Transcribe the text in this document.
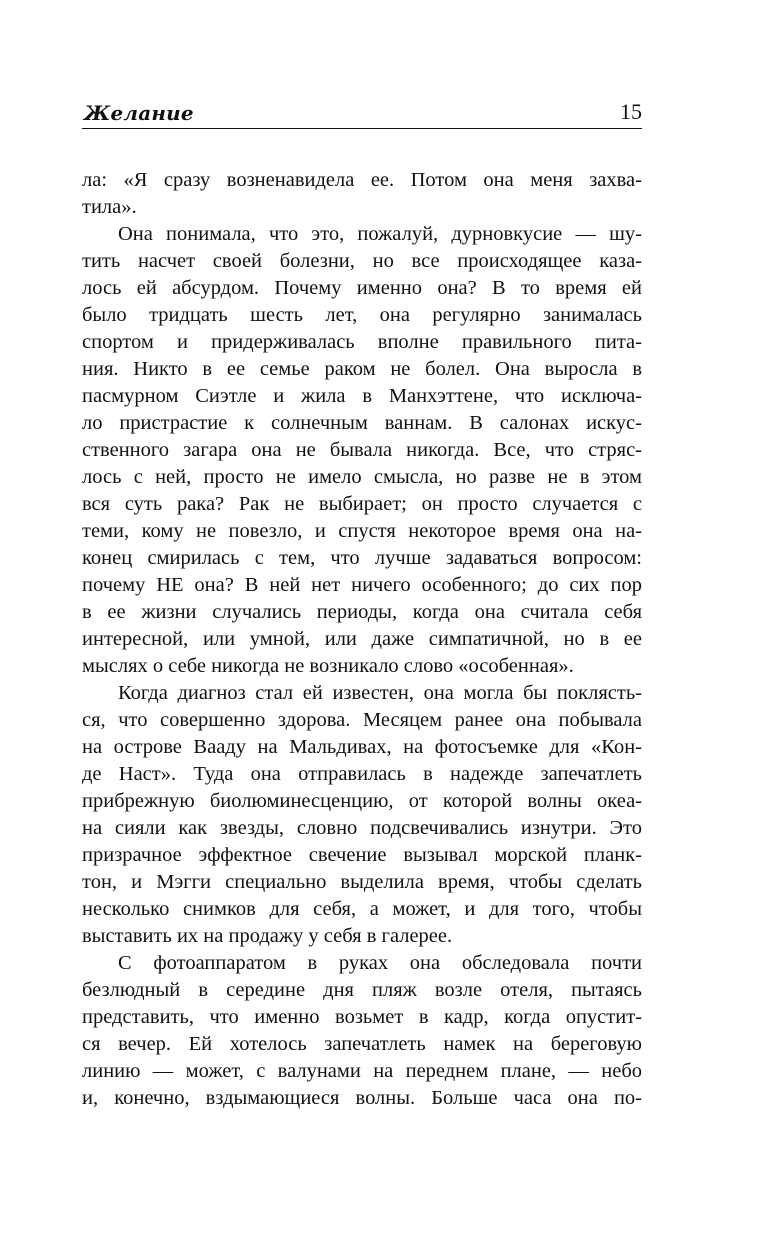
Желание	15

ла: «Я сразу возненавидела ее. Потом она меня захва-
тила».

Она понимала, что это, пожалуй, дурновкусие — шу-
тить насчет своей болезни, но все происходящее каза-
лось ей абсурдом. Почему именно она? В то время ей
было тридцать шесть лет, она регулярно занималась
спортом и придерживалась вполне правильного пита-
ния. Никто в ее семье раком не болел. Она выросла в
пасмурном Сиэтле и жила в Манхэттене, что исключа-
ло пристрастие к солнечным ваннам. В салонах искус-
ственного загара она не бывала никогда. Все, что стряс-
лось с ней, просто не имело смысла, но разве не в этом
вся суть рака? Рак не выбирает; он просто случается с
теми, кому не повезло, и спустя некоторое время она на-
конец смирилась с тем, что лучше задаваться вопросом:
почему НЕ она? В ней нет ничего особенного; до сих пор
в ее жизни случались периоды, когда она считала себя
интересной, или умной, или даже симпатичной, но в ее
мыслях о себе никогда не возникало слово «особенная».

Когда диагноз стал ей известен, она могла бы поклясть-
ся, что совершенно здорова. Месяцем ранее она побывала
на острове Вааду на Мальдивах, на фотосъемке для «Кон-
де Наст». Туда она отправилась в надежде запечатлеть
прибрежную биолюминесценцию, от которой волны океа-
на сияли как звезды, словно подсвечивались изнутри. Это
призрачное эффектное свечение вызывал морской планк-
тон, и Мэгги специально выделила время, чтобы сделать
несколько снимков для себя, а может, и для того, чтобы
выставить их на продажу у себя в галерее.

С фотоаппаратом в руках она обследовала почти
безлюдный в середине дня пляж возле отеля, пытаясь
представить, что именно возьмет в кадр, когда опустит-
ся вечер. Ей хотелось запечатлеть намек на береговую
линию — может, с валунами на переднем плане, — небо
и, конечно, вздымающиеся волны. Больше часа она по-
